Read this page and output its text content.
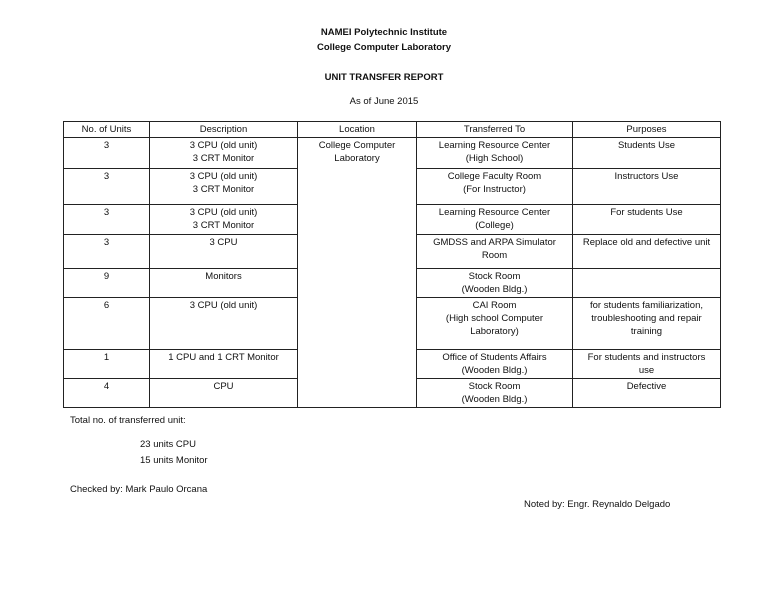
NAMEI Polytechnic Institute
College Computer Laboratory
UNIT TRANSFER REPORT
As of June 2015
No. of Units	Description	Location	Transferred To	Purposes
3	3 CPU (old unit)
3 CRT Monitor	College Computer
Laboratory	Learning Resource Center
(High School)	Students Use

3	3 CPU (old unit)
3 CRT Monitor		College Faculty Room
(For Instructor)	Instructors Use

3	3 CPU (old unit)
3 CRT Monitor		Learning Resource Center
(College)	For students Use

3	3 CPU		GMDSS and ARPA Simulator
Room	Replace old and defective unit

9	Monitors		Stock Room
(Wooden Bldg.)	

6	3 CPU (old unit)		CAI Room
(High school Computer
Laboratory)	for students familiarization,
troubleshooting and repair
training

1	1 CPU and 1 CRT Monitor		Office of Students Affairs
(Wooden Bldg.)	For students and instructors
use

4	CPU		Stock Room
(Wooden Bldg.)	Defective
Total no. of transferred unit:
23 units CPU
15 units Monitor
Checked by: Mark Paulo Orcana
Noted by: Engr. Reynaldo Delgado
